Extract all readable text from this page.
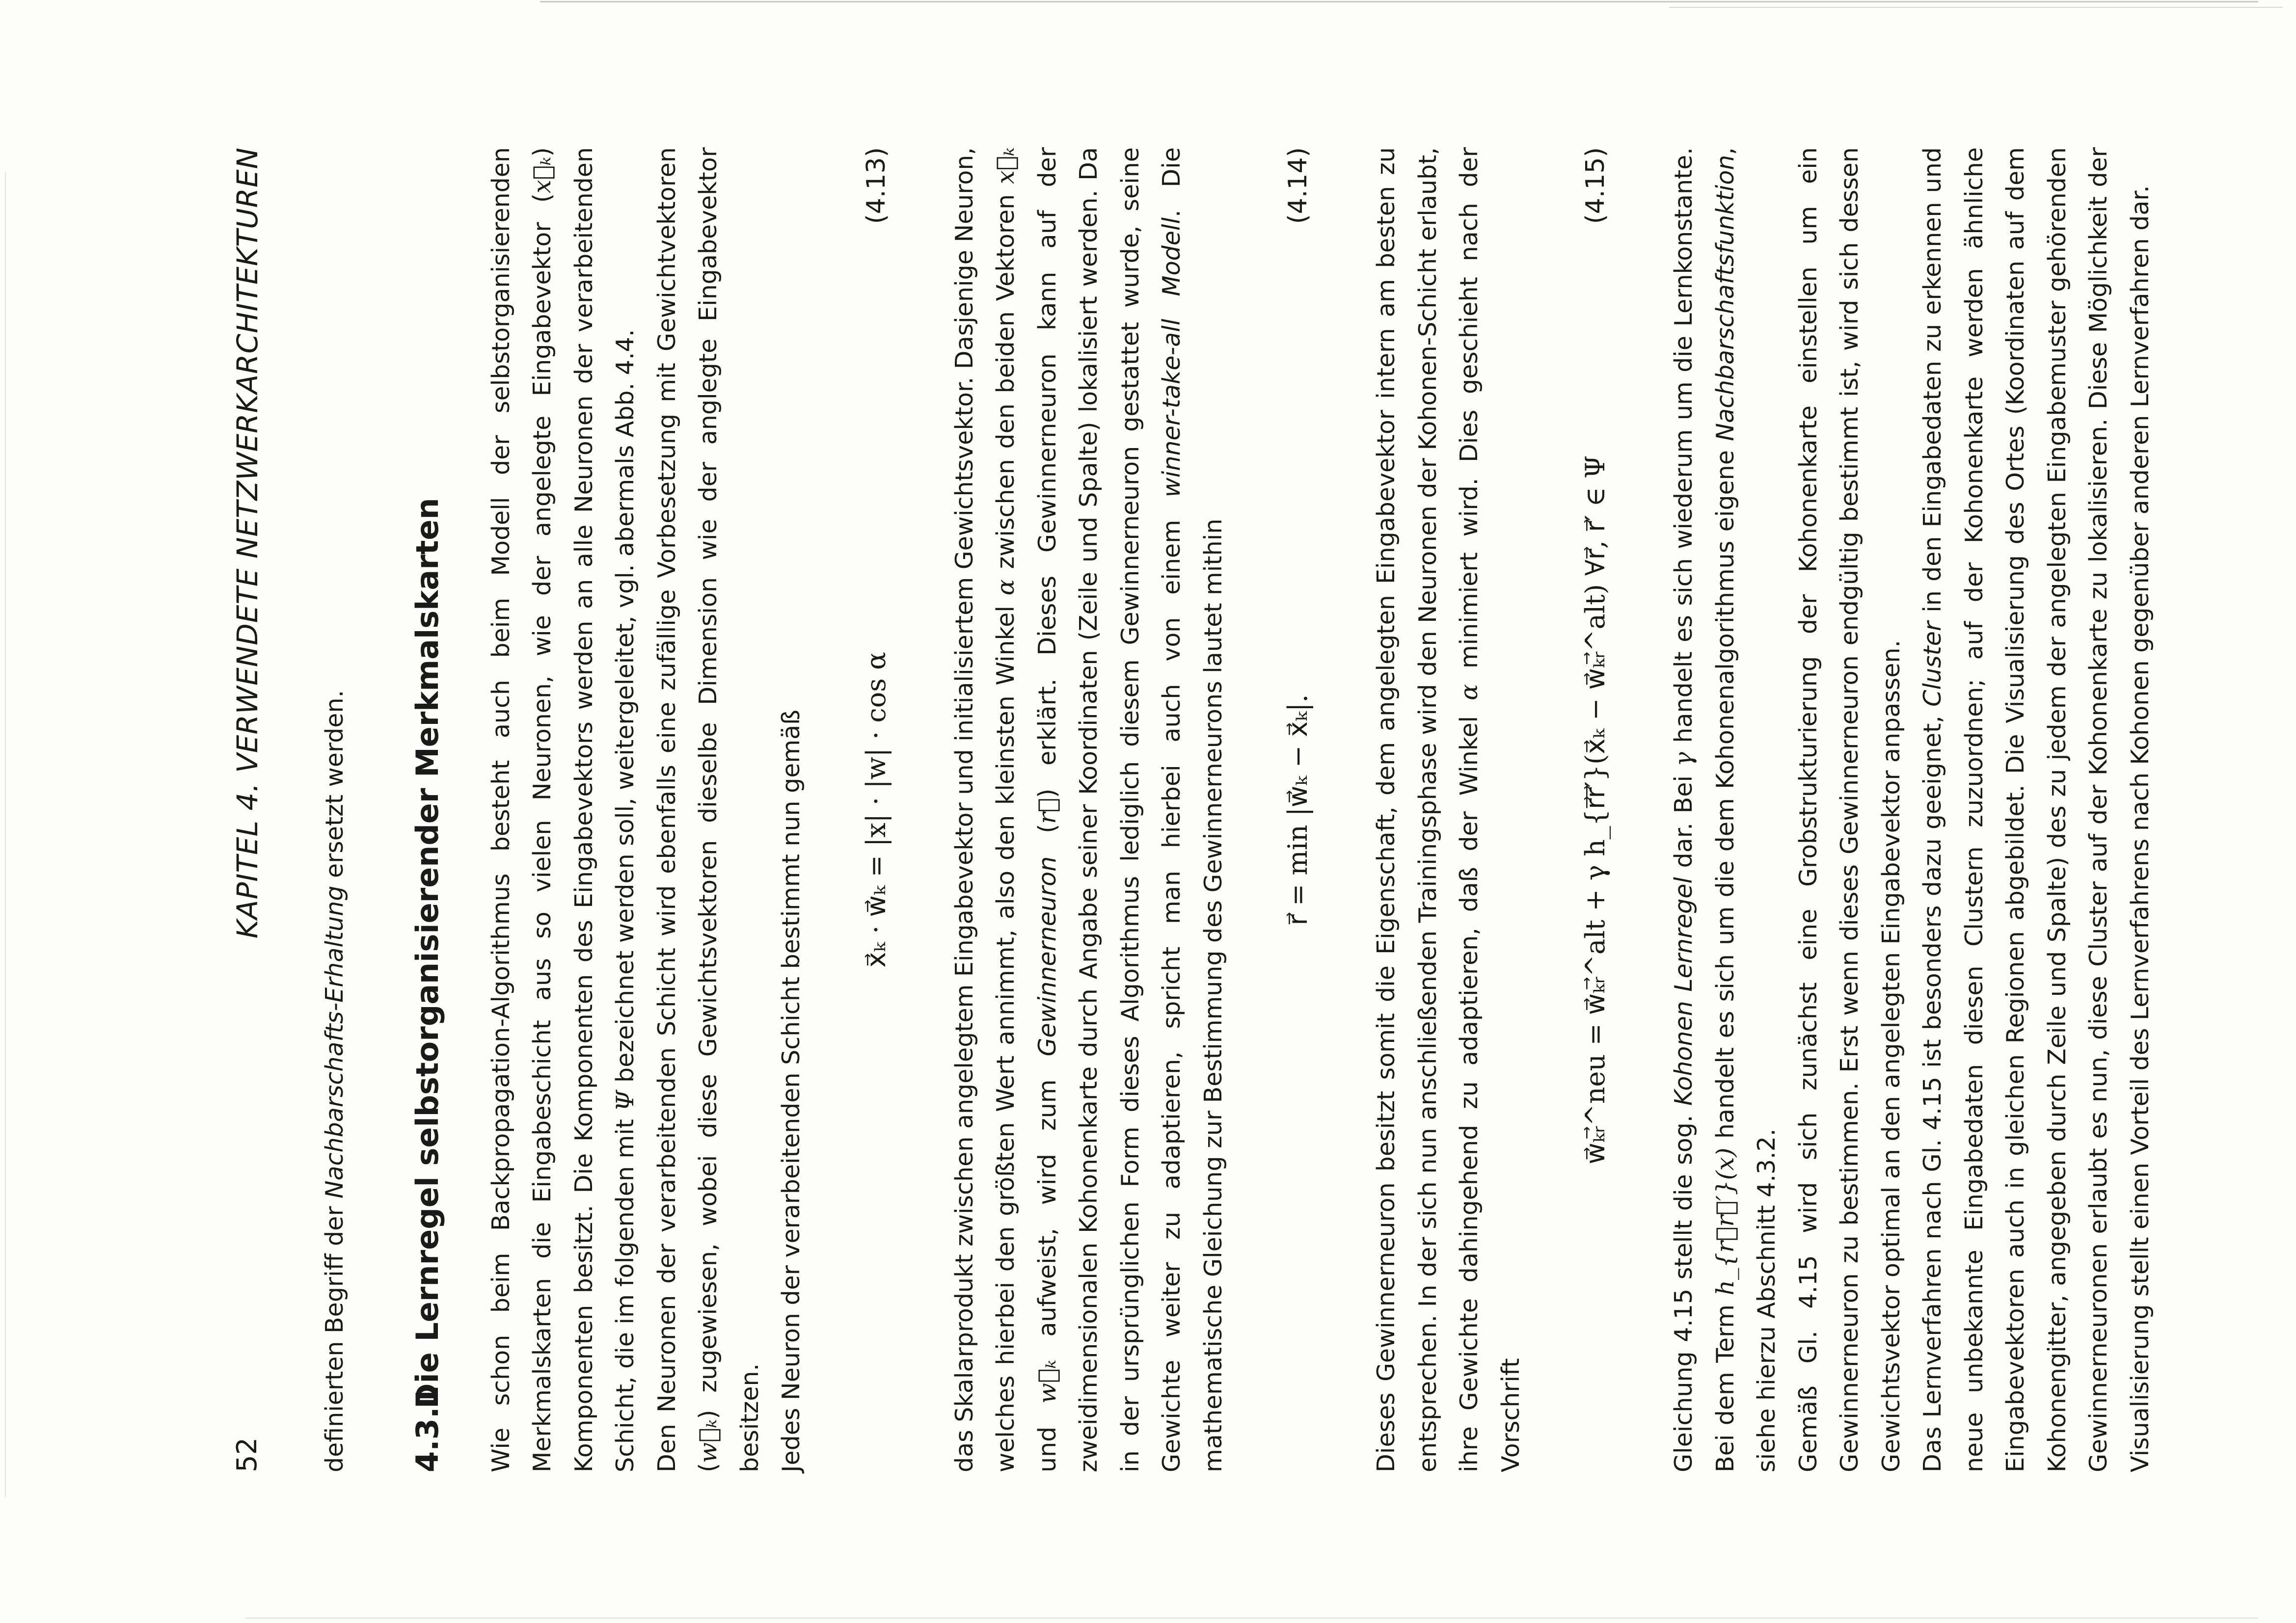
52
KAPITEL 4. VERWENDETE NETZWERKARCHITEKTUREN

definierten Begriff der Nachbarschafts-Erhaltung ersetzt werden.

4.3.1Die Lernregel selbstorganisierender Merkmalskarten Wie schon beim Backpropagation-Algorithmus besteht auch beim Modell der selbstorganisierenden Merkmalskarten die Eingabeschicht aus so vielen Neuronen, wie der angelegte Eingabevektor (x⃗ₖ) Komponenten besitzt. Die Komponenten des Eingabevektors werden an alle Neuronen der verarbeitenden Schicht, die im folgenden mit Ψ bezeichnet werden soll, weitergeleitet, vgl. abermals Abb. 4.4. Den Neuronen der verarbeitenden Schicht wird ebenfalls eine zufällige Vorbesetzung mit Gewichtvektoren (w⃗ₖ) zugewiesen, wobei diese Gewichtsvektoren dieselbe Dimension wie der anglegte Eingabevektor besitzen. Jedes Neuron der verarbeitenden Schicht bestimmt nun gemäß x⃗ₖ · w⃗ₖ = |x| · |w| · cos α
(4.13) das Skalarprodukt zwischen angelegtem Eingabevektor und initialisiertem Gewichtsvektor. Dasjenige Neuron, welches hierbei den größten Wert annimmt, also den kleinsten Winkel α zwischen den beiden Vektoren x⃗ₖ und w⃗ₖ aufweist, wird zum Gewinnerneuron (r⃗) erklärt. Dieses Gewinnerneuron kann auf der zweidimensionalen Kohonenkarte durch Angabe seiner Koordinaten (Zeile und Spalte) lokalisiert werden. Da in der ursprünglichen Form dieses Algorithmus lediglich diesem Gewinnerneuron gestattet wurde, seine Gewichte weiter zu adaptieren, spricht man hierbei auch von einem winner-take-all Modell. Die mathematische Gleichung zur Bestimmung des Gewinnerneurons lautet mithin r⃗ = min |w⃗ₖ − x⃗ₖ|.
(4.14) Dieses Gewinnerneuron besitzt somit die Eigenschaft, dem angelegten Eingabevektor intern am besten zu entsprechen. In der sich nun anschließenden Trainingsphase wird den Neuronen der Kohonen-Schicht erlaubt, ihre Gewichte dahingehend zu adaptieren, daß der Winkel α minimiert wird. Dies geschieht nach der Vorschrift

w⃗ₖᵣ⃗^neu = w⃗ₖᵣ⃗^alt + γ h_{r⃗r⃗′}(x⃗ₖ − w⃗ₖᵣ⃗^alt) ∀r⃗, r⃗′ ∈ Ψ
(4.15)

Gleichung 4.15 stellt die sog. Kohonen Lernregel dar. Bei γ handelt es sich wiederum um die Lernkonstante. Bei dem Term h_{r⃗r⃗′}(x) handelt es sich um die dem Kohonenalgorithmus eigene Nachbarschaftsfunktion, siehe hierzu Abschnitt 4.3.2. Gemäß Gl. 4.15 wird sich zunächst eine Grobstrukturierung der Kohonenkarte einstellen um ein Gewinnerneuron zu bestimmen. Erst wenn dieses Gewinnerneuron endgültig bestimmt ist, wird sich dessen Gewichtsvektor optimal an den angelegten Eingabevektor anpassen. Das Lernverfahren nach Gl. 4.15 ist besonders dazu geeignet, Cluster in den Eingabedaten zu erkennen und neue unbekannte Eingabedaten diesen Clustern zuzuordnen; auf der Kohonenkarte werden ähnliche Eingabevektoren auch in gleichen Regionen abgebildet. Die Visualisierung des Ortes (Koordinaten auf dem Kohonengitter, angegeben durch Zeile und Spalte) des zu jedem der angelegten Eingabemuster gehörenden Gewinnerneuronen erlaubt es nun, diese Cluster auf der Kohonenkarte zu lokalisieren. Diese Möglichkeit der Visualisierung stellt einen Vorteil des Lernverfahrens nach Kohonen gegenüber anderen Lernverfahren dar.
